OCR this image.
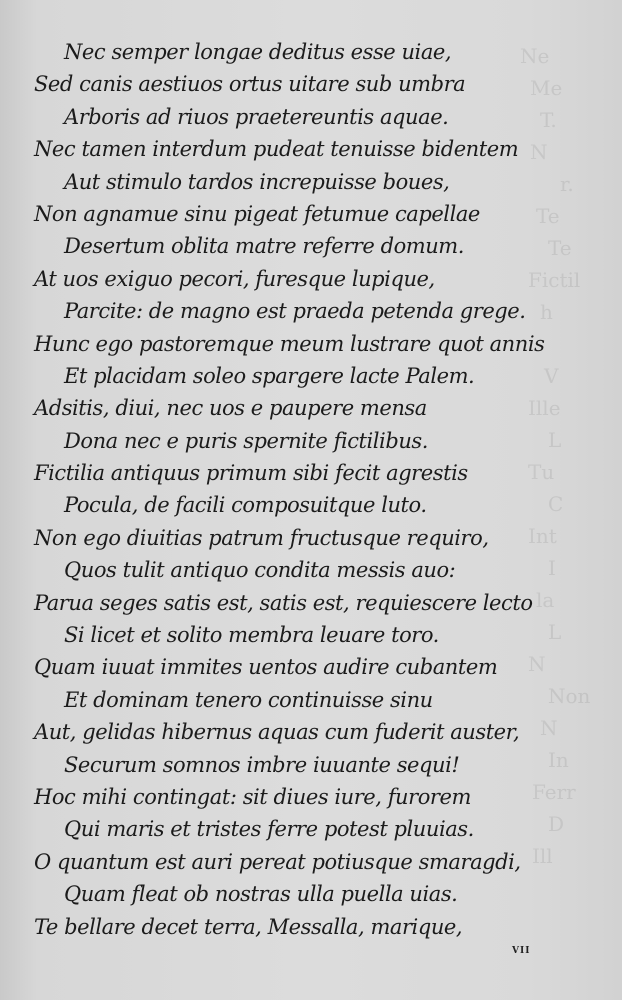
Ne
Me
T.
N
r.
Te
Te
Fictil
h
V
Ille
L
Tu
C
Int
I
la
L
N
Non
N
In
Ferr
D
Ill
Nec semper longae deditus esse uiae,
Sed canis aestiuos ortus uitare sub umbra
Arboris ad riuos praetereuntis aquae.
Nec tamen interdum pudeat tenuisse bidentem
Aut stimulo tardos increpuisse boues,
Non agnamue sinu pigeat fetumue capellae
Desertum oblita matre referre domum.
At uos exiguo pecori, furesque lupique,
Parcite: de magno est praeda petenda grege.
Hunc ego pastoremque meum lustrare quot annis
Et placidam soleo spargere lacte Palem.
Adsitis, diui, nec uos e paupere mensa
Dona nec e puris spernite fictilibus.
Fictilia antiquus primum sibi fecit agrestis
Pocula, de facili composuitque luto.
Non ego diuitias patrum fructusque requiro,
Quos tulit antiquo condita messis auo:
Parua seges satis est, satis est, requiescere lecto
Si licet et solito membra leuare toro.
Quam iuuat immites uentos audire cubantem
Et dominam tenero continuisse sinu
Aut, gelidas hibernus aquas cum fuderit auster,
Securum somnos imbre iuuante sequi!
Hoc mihi contingat: sit diues iure, furorem
Qui maris et tristes ferre potest pluuias.
O quantum est auri pereat potiusque smaragdi,
Quam fleat ob nostras ulla puella uias.
Te bellare decet terra, Messalla, marique,
vii
